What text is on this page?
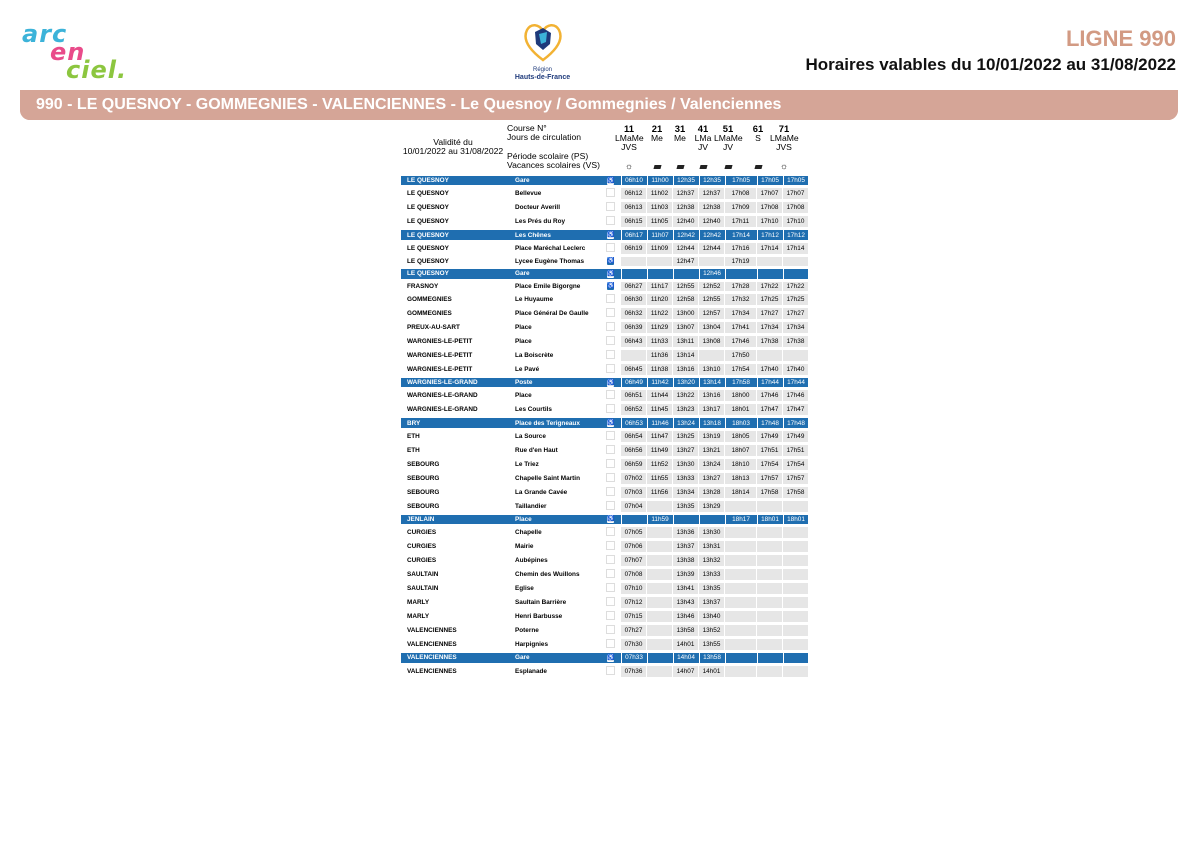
arc
en
ciel.	Région
Hauts-de-France
LIGNE 990
Horaires valables du 10/01/2022 au 31/08/2022
990 - LE QUESNOY - GOMMEGNIES - VALENCIENNES - Le Quesnoy / Gommegnies / Valenciennes
Validité du
10/01/2022 au 31/08/2022
Course N°
Jours de circulation
Période scolaire (PS)
Vacances scolaires (VS)
11
LMaMe
JVS
☼
21
Me
31
Me
41
LMa
JV
51
LMaMe
JV
61
S
71
LMaMe
JVS
☼
LE QUESNOY		Gare	♿		06h10		11h00		12h35		12h35		17h05		17h05		17h05
LE QUESNOY		Bellevue			06h12		11h02		12h37		12h37		17h08		17h07		17h07
LE QUESNOY		Docteur Averill			06h13		11h03		12h38		12h38		17h09		17h08		17h08
LE QUESNOY		Les Prés du Roy			06h15		11h05		12h40		12h40		17h11		17h10		17h10
LE QUESNOY		Les Chênes	♿		06h17		11h07		12h42		12h42		17h14		17h12		17h12
LE QUESNOY		Place Maréchal Leclerc			06h19		11h09		12h44		12h44		17h16		17h14		17h14
LE QUESNOY		Lycee Eugène Thomas	♿						12h47				17h19				
LE QUESNOY		Gare	♿								12h46						
FRASNOY		Place Emile Bigorgne	♿		06h27		11h17		12h55		12h52		17h28		17h22		17h22
GOMMEGNIES		Le Huyaume			06h30		11h20		12h58		12h55		17h32		17h25		17h25
GOMMEGNIES		Place Général De Gaulle			06h32		11h22		13h00		12h57		17h34		17h27		17h27
PREUX-AU-SART		Place			06h39		11h29		13h07		13h04		17h41		17h34		17h34
WARGNIES-LE-PETIT		Place			06h43		11h33		13h11		13h08		17h46		17h38		17h38
WARGNIES-LE-PETIT		La Boiscrète					11h36		13h14				17h50				
WARGNIES-LE-PETIT		Le Pavé			06h45		11h38		13h16		13h10		17h54		17h40		17h40
WARGNIES-LE-GRAND		Poste	♿		06h49		11h42		13h20		13h14		17h58		17h44		17h44
WARGNIES-LE-GRAND		Place			06h51		11h44		13h22		13h16		18h00		17h46		17h46
WARGNIES-LE-GRAND		Les Courtils			06h52		11h45		13h23		13h17		18h01		17h47		17h47
BRY		Place des Terigneaux	♿		06h53		11h46		13h24		13h18		18h03		17h48		17h48
ETH		La Source			06h54		11h47		13h25		13h19		18h05		17h49		17h49
ETH		Rue d'en Haut			06h56		11h49		13h27		13h21		18h07		17h51		17h51
SEBOURG		Le Triez			06h59		11h52		13h30		13h24		18h10		17h54		17h54
SEBOURG		Chapelle Saint Martin			07h02		11h55		13h33		13h27		18h13		17h57		17h57
SEBOURG		La Grande Cavée			07h03		11h56		13h34		13h28		18h14		17h58		17h58
SEBOURG		Taillandier			07h04				13h35		13h29						
JENLAIN		Place	♿				11h59						18h17		18h01		18h01
CURGIES		Chapelle			07h05				13h36		13h30						
CURGIES		Mairie			07h06				13h37		13h31						
CURGIES		Aubépines			07h07				13h38		13h32						
SAULTAIN		Chemin des Wuillons			07h08				13h39		13h33						
SAULTAIN		Eglise			07h10				13h41		13h35						
MARLY		Saultain Barrière			07h12				13h43		13h37						
MARLY		Henri Barbusse			07h15				13h46		13h40						
VALENCIENNES		Poterne			07h27				13h58		13h52						
VALENCIENNES		Harpignies			07h30				14h01		13h55						
VALENCIENNES		Gare	♿		07h33				14h04		13h58						
VALENCIENNES		Esplanade			07h36				14h07		14h01						
